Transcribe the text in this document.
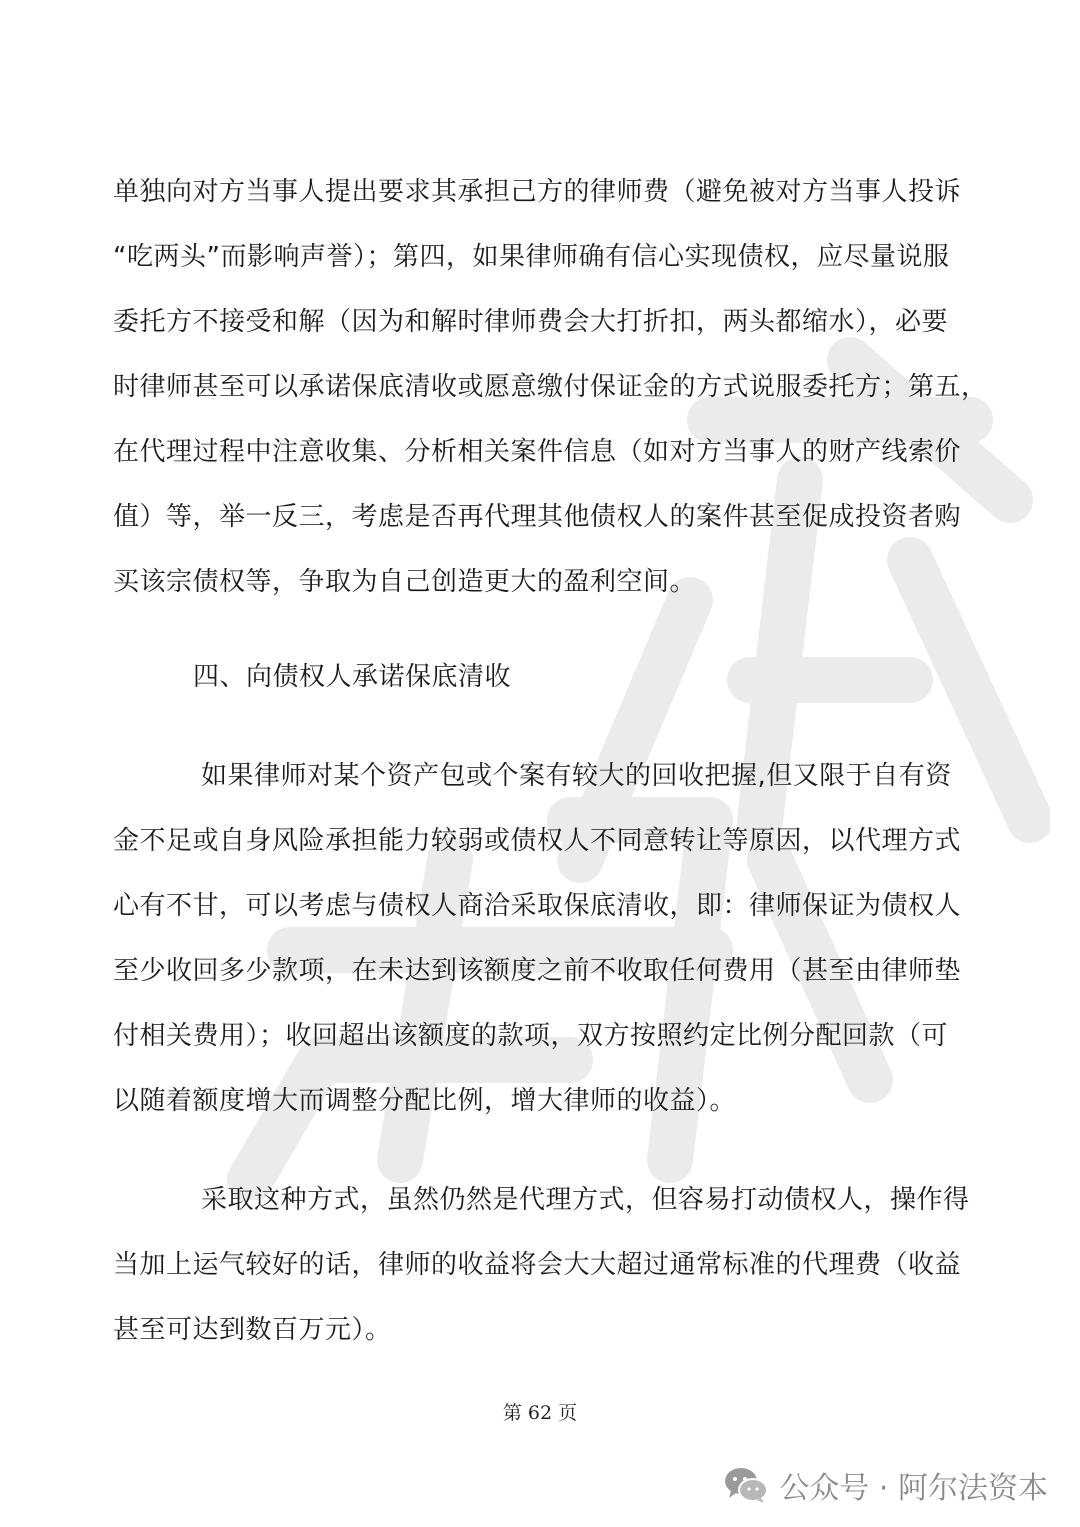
单独向对方当事人提出要求其承担己方的律师费（避免被对方当事人投诉
“吃两头”而影响声誉）；第四，如果律师确有信心实现债权，应尽量说服
委托方不接受和解（因为和解时律师费会大打折扣，两头都缩水），必要
时律师甚至可以承诺保底清收或愿意缴付保证金的方式说服委托方；第五，
在代理过程中注意收集、分析相关案件信息（如对方当事人的财产线索价
值）等，举一反三，考虑是否再代理其他债权人的案件甚至促成投资者购
买该宗债权等，争取为自己创造更大的盈利空间。
四、向债权人承诺保底清收
如果律师对某个资产包或个案有较大的回收把握,但又限于自有资
金不足或自身风险承担能力较弱或债权人不同意转让等原因，以代理方式
心有不甘，可以考虑与债权人商洽采取保底清收，即：律师保证为债权人
至少收回多少款项，在未达到该额度之前不收取任何费用（甚至由律师垫
付相关费用）；收回超出该额度的款项，双方按照约定比例分配回款（可
以随着额度增大而调整分配比例，增大律师的收益）。
采取这种方式，虽然仍然是代理方式，但容易打动债权人，操作得
当加上运气较好的话，律师的收益将会大大超过通常标准的代理费（收益
甚至可达到数百万元）。
第 62 页
公众号 · 阿尔法资本
